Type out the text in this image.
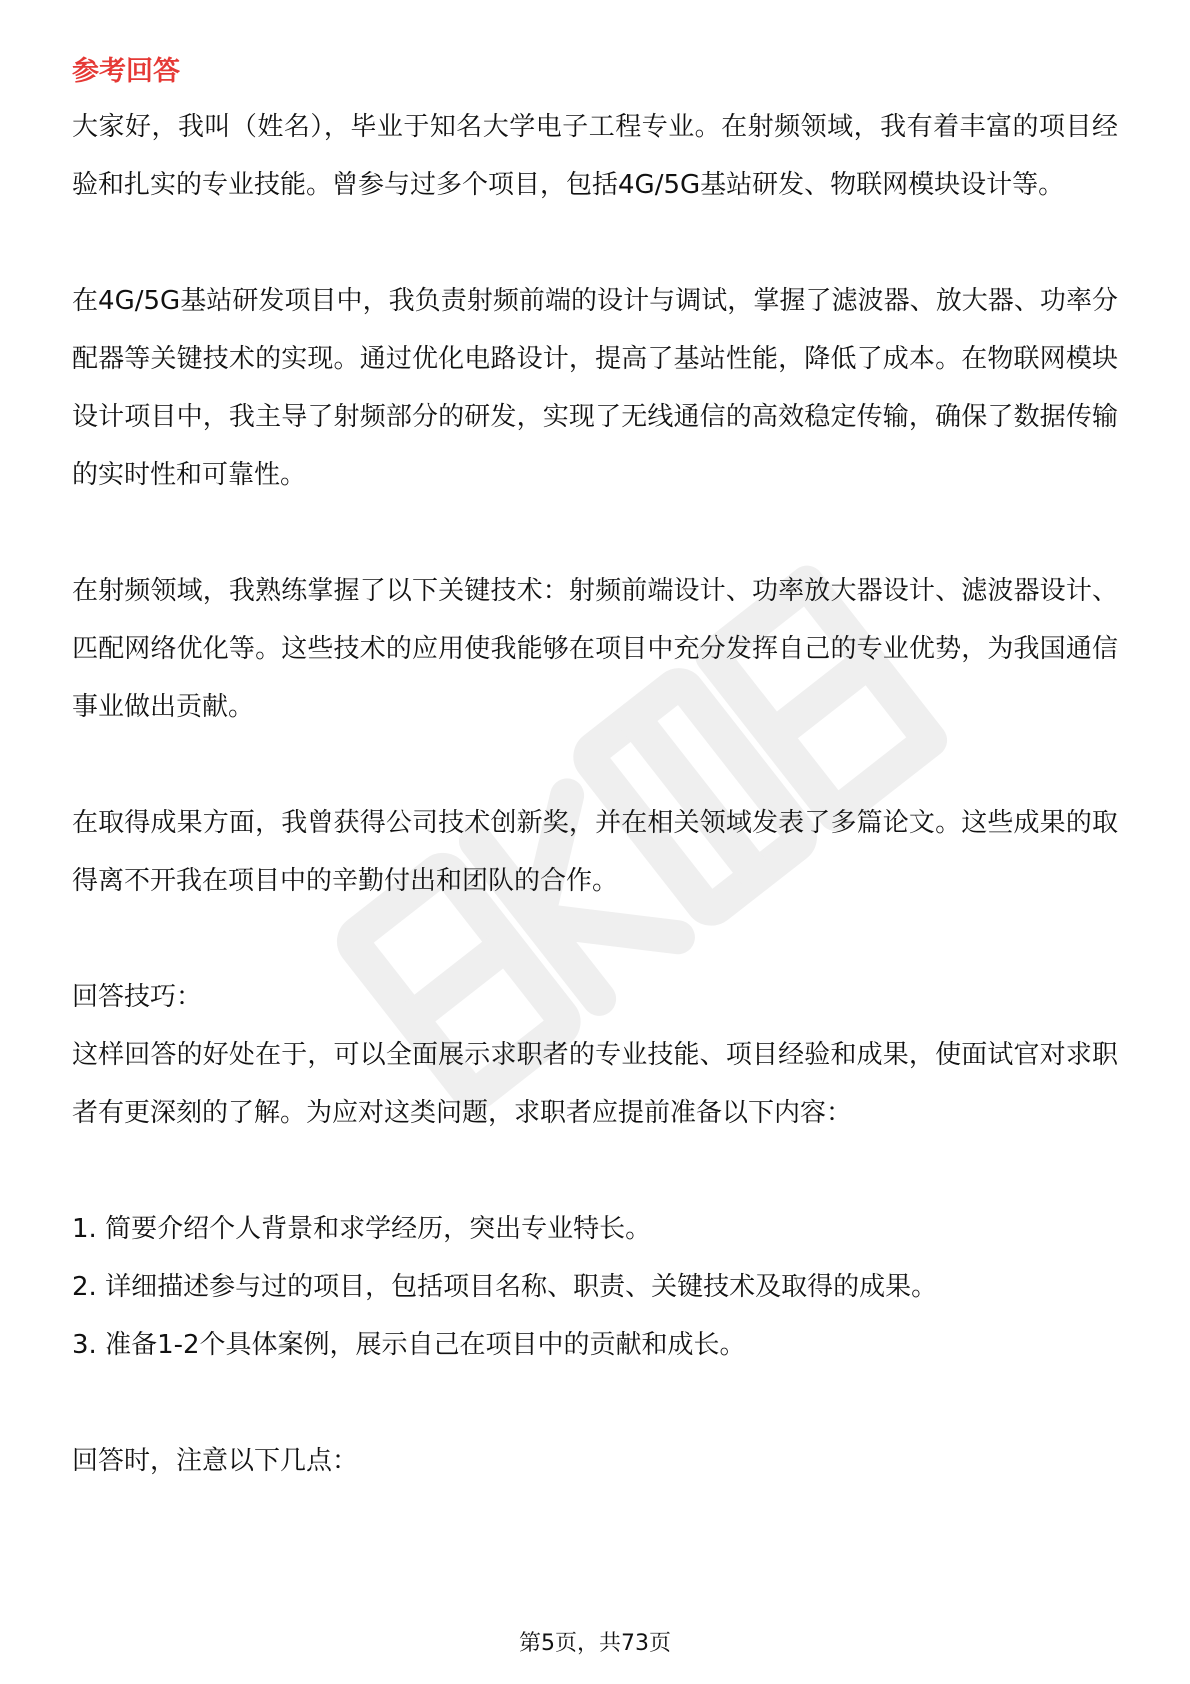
参考回答

大家好，我叫（姓名），毕业于知名大学电子工程专业。在射频领域，我有着丰富的项目经验和扎实的专业技能。曾参与过多个项目，包括4G/5G基站研发、物联网模块设计等。

在4G/5G基站研发项目中，我负责射频前端的设计与调试，掌握了滤波器、放大器、功率分配器等关键技术的实现。通过优化电路设计，提高了基站性能，降低了成本。在物联网模块设计项目中，我主导了射频部分的研发，实现了无线通信的高效稳定传输，确保了数据传输的实时性和可靠性。

在射频领域，我熟练掌握了以下关键技术：射频前端设计、功率放大器设计、滤波器设计、匹配网络优化等。这些技术的应用使我能够在项目中充分发挥自己的专业优势，为我国通信事业做出贡献。

在取得成果方面，我曾获得公司技术创新奖，并在相关领域发表了多篇论文。这些成果的取得离不开我在项目中的辛勤付出和团队的合作。

回答技巧：

这样回答的好处在于，可以全面展示求职者的专业技能、项目经验和成果，使面试官对求职者有更深刻的了解。为应对这类问题，求职者应提前准备以下内容：

1. 简要介绍个人背景和求学经历，突出专业特长。

2. 详细描述参与过的项目，包括项目名称、职责、关键技术及取得的成果。

3. 准备1-2个具体案例，展示自己在项目中的贡献和成长。

回答时，注意以下几点：

第5页，共73页
